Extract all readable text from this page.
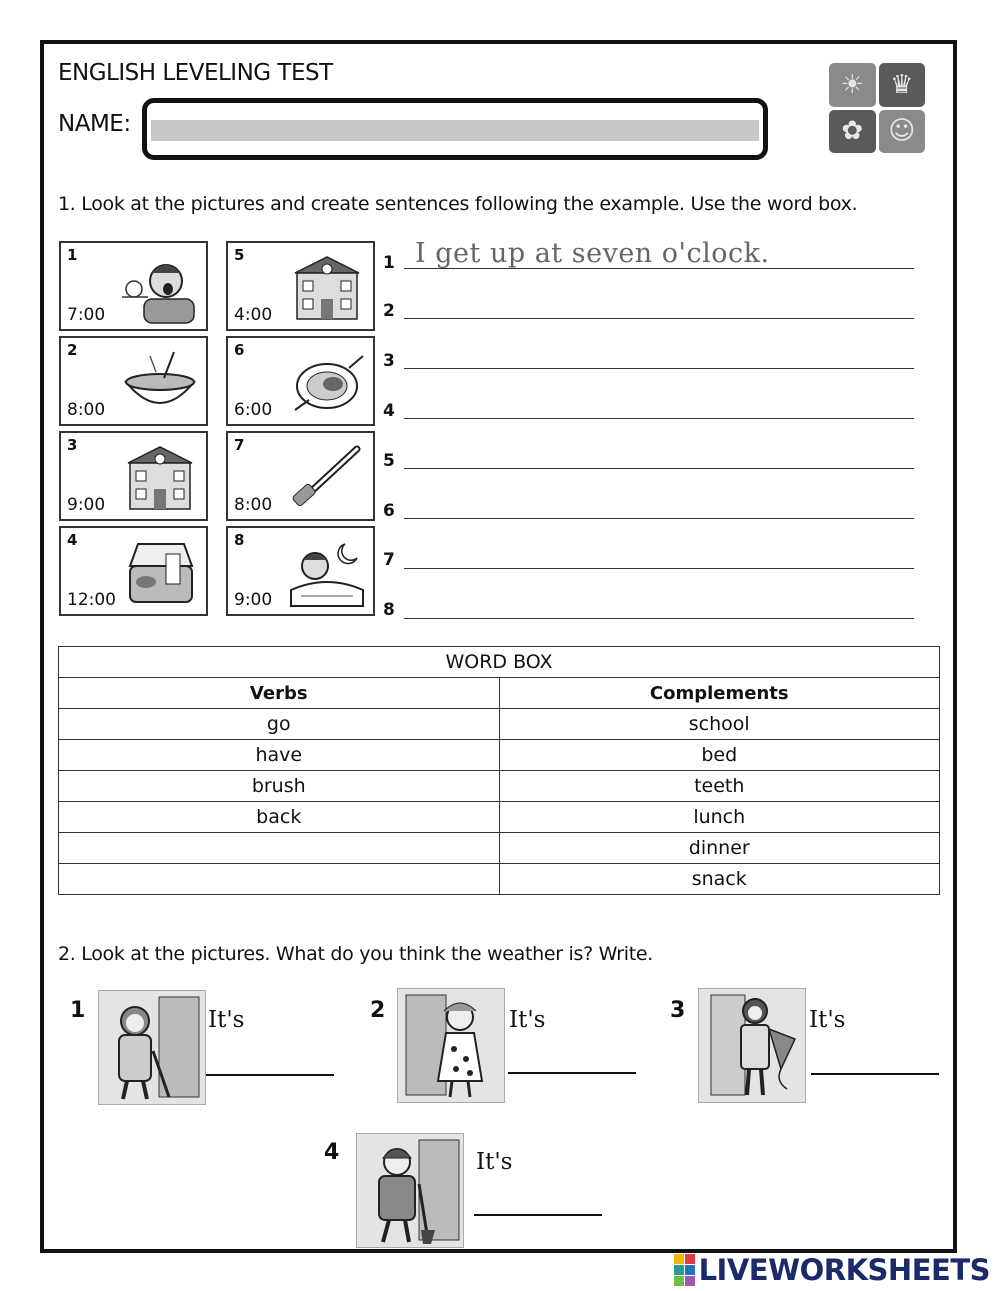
ENGLISH LEVELING TEST
NAME:
☀	♛
✿ ☺
1. Look at the pictures and create sentences following the example. Use the word box.
1
7:00
2
8:00
3
9:00
4
12:00
5
4:00
6
6:00
7
8:00
8
9:00
I get up at seven o'clock.
1
2
3
4
5
6
7
8
WORD BOX	
Verbs	Complements
go	school
have	bed
brush	teeth
back	lunch
	dinner
	snack
2. Look at the pictures. What do you think the weather is? Write.
1	It's	2	It's	3	It's
4	It's
LIVEWORKSHEETS
